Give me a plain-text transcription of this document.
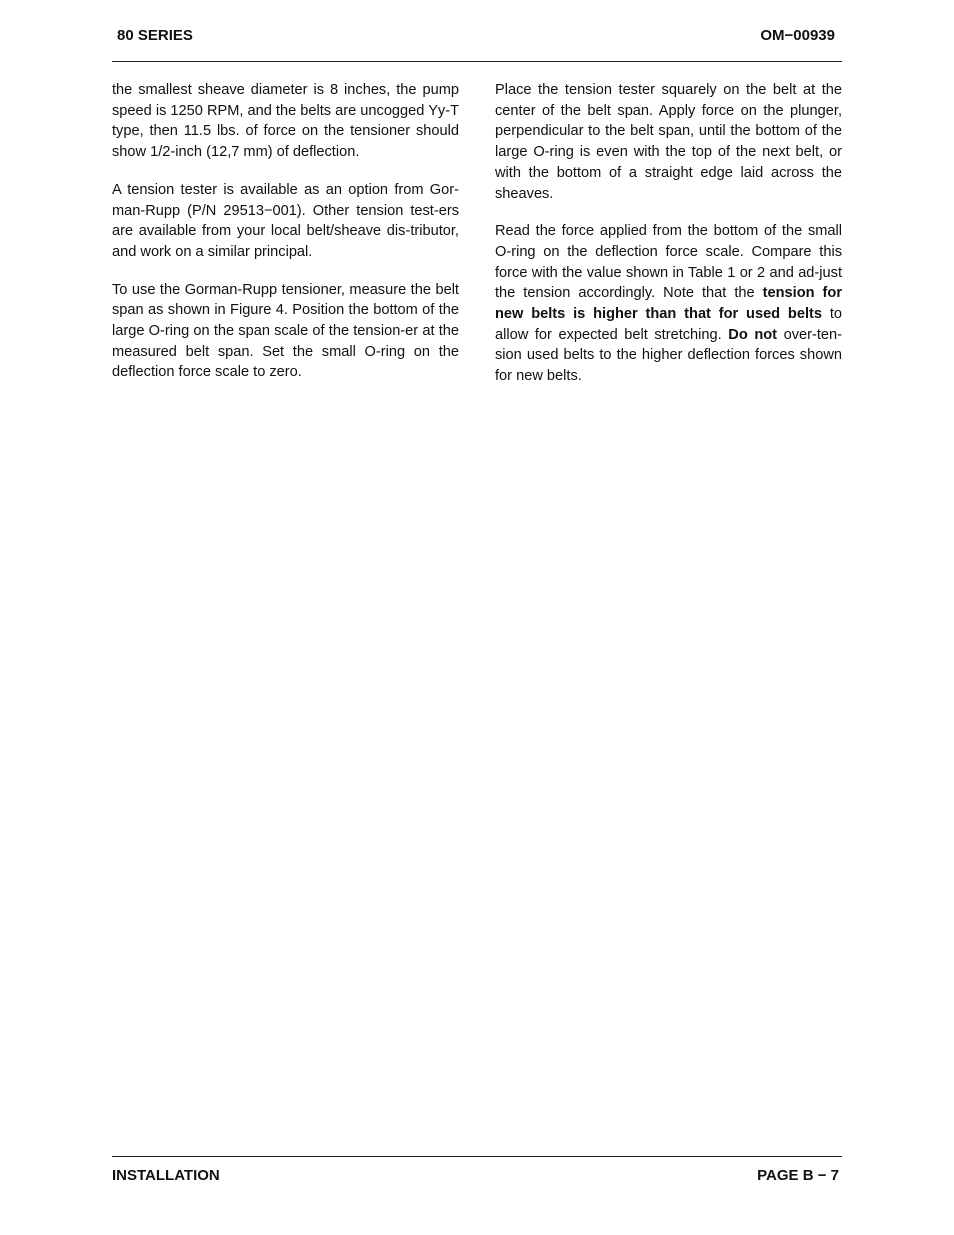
80 SERIES	OM−00939

the smallest sheave diameter is 8 inches, the pump speed is 1250 RPM, and the belts are uncogged Yy-T type, then 11.5 lbs. of force on the tensioner should show 1/2-inch (12,7 mm) of deflection.

A tension tester is available as an option from Gor-man-Rupp (P/N 29513−001). Other tension test-ers are available from your local belt/sheave dis-tributor, and work on a similar principal.

To use the Gorman-Rupp tensioner, measure the belt span as shown in Figure 4. Position the bottom of the large O-ring on the span scale of the tension-er at the measured belt span. Set the small O-ring on the deflection force scale to zero.

Place the tension tester squarely on the belt at the center of the belt span. Apply force on the plunger, perpendicular to the belt span, until the bottom of the large O-ring is even with the top of the next belt, or with the bottom of a straight edge laid across the sheaves.

Read the force applied from the bottom of the small O-ring on the deflection force scale. Compare this force with the value shown in Table 1 or 2 and ad-just the tension accordingly. Note that the tension for new belts is higher than that for used belts to allow for expected belt stretching. Do not over-ten-sion used belts to the higher deflection forces shown for new belts.

INSTALLATION	PAGE B − 7
